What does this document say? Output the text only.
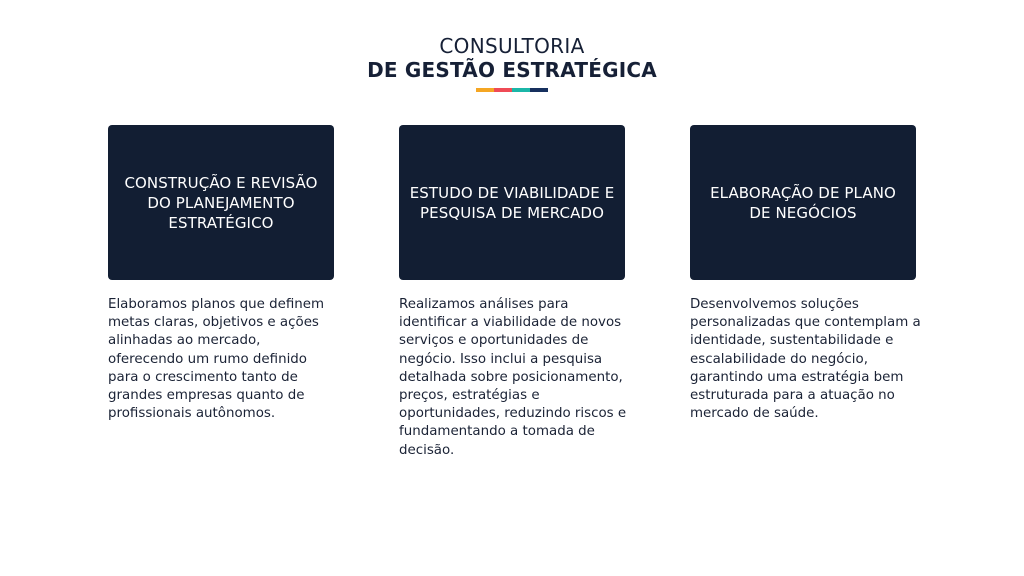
CONSULTORIA
DE GESTÃO ESTRATÉGICA
CONSTRUÇÃO E REVISÃO DO PLANEJAMENTO ESTRATÉGICO
ESTUDO DE VIABILIDADE E PESQUISA DE MERCADO
ELABORAÇÃO DE PLANO DE NEGÓCIOS
Elaboramos planos que definem metas claras, objetivos e ações alinhadas ao mercado, oferecendo um rumo definido para o crescimento tanto de grandes empresas quanto de profissionais autônomos.
Realizamos análises para identificar a viabilidade de novos serviços e oportunidades de negócio. Isso inclui a pesquisa detalhada sobre posicionamento, preços, estratégias e oportunidades, reduzindo riscos e fundamentando a tomada de decisão.
Desenvolvemos soluções personalizadas que contemplam a identidade, sustentabilidade e escalabilidade do negócio, garantindo uma estratégia bem estruturada para a atuação no mercado de saúde.
